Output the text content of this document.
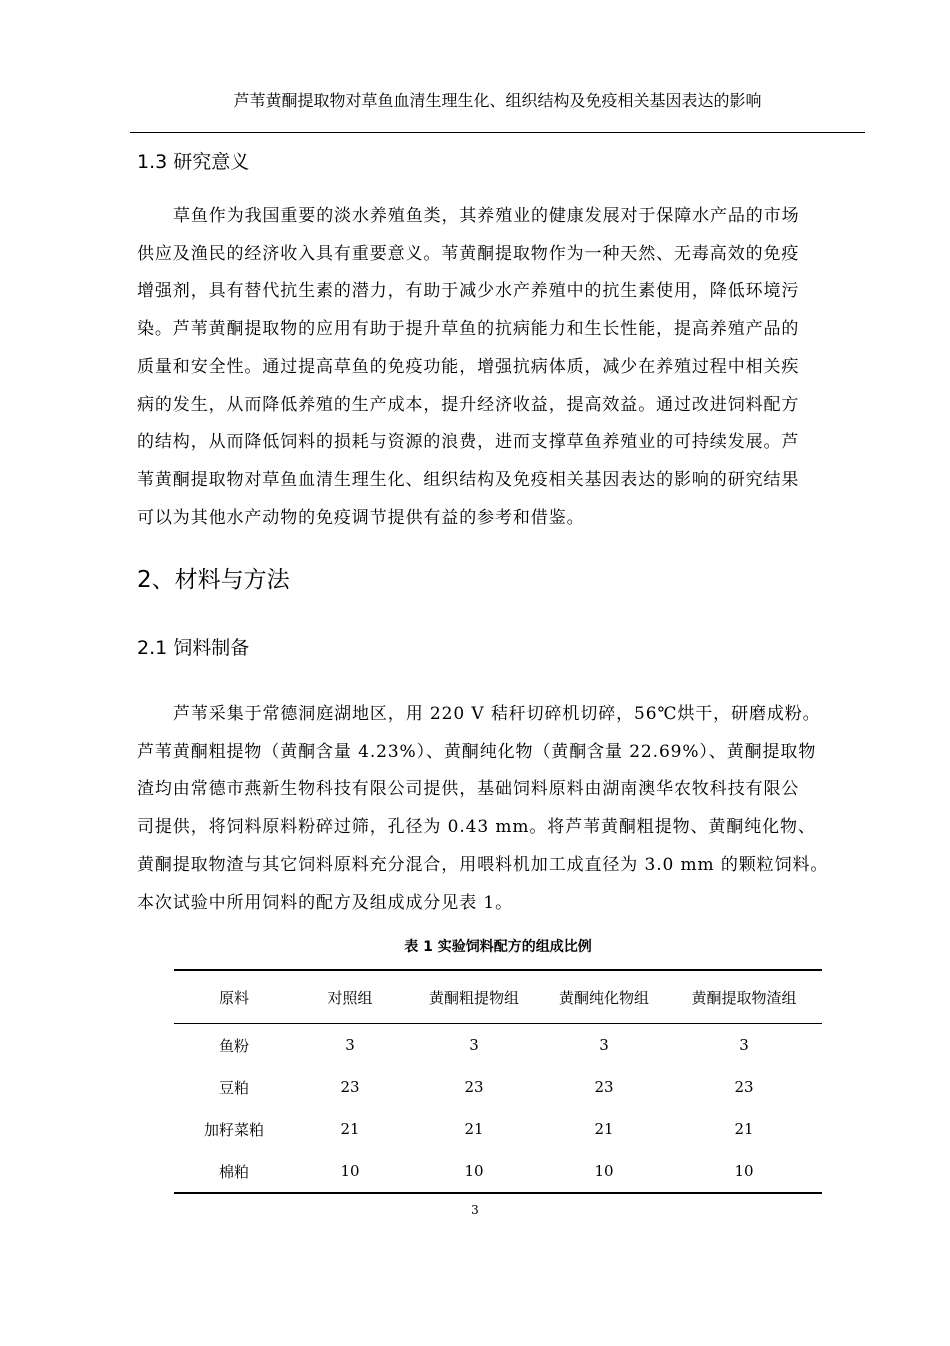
芦苇黄酮提取物对草鱼血清生理生化、组织结构及免疫相关基因表达的影响
1.3 研究意义
草鱼作为我国重要的淡水养殖鱼类，其养殖业的健康发展对于保障水产品的市场
供应及渔民的经济收入具有重要意义。苇黄酮提取物作为一种天然、无毒高效的免疫
增强剂，具有替代抗生素的潜力，有助于减少水产养殖中的抗生素使用，降低环境污
染。芦苇黄酮提取物的应用有助于提升草鱼的抗病能力和生长性能，提高养殖产品的
质量和安全性。通过提高草鱼的免疫功能，增强抗病体质，减少在养殖过程中相关疾
病的发生，从而降低养殖的生产成本，提升经济收益，提高效益。通过改进饲料配方
的结构，从而降低饲料的损耗与资源的浪费，进而支撑草鱼养殖业的可持续发展。芦
苇黄酮提取物对草鱼血清生理生化、组织结构及免疫相关基因表达的影响的研究结果
可以为其他水产动物的免疫调节提供有益的参考和借鉴。
2、材料与方法
2.1 饲料制备
芦苇采集于常德洞庭湖地区，用 220 V 秸秆切碎机切碎，56℃烘干，研磨成粉。
芦苇黄酮粗提物（黄酮含量 4.23%）、黄酮纯化物（黄酮含量 22.69%）、黄酮提取物
渣均由常德市燕新生物科技有限公司提供，基础饲料原料由湖南澳华农牧科技有限公
司提供，将饲料原料粉碎过筛，孔径为 0.43 mm。将芦苇黄酮粗提物、黄酮纯化物、
黄酮提取物渣与其它饲料原料充分混合，用喂料机加工成直径为 3.0 mm 的颗粒饲料。
本次试验中所用饲料的配方及组成成分见表 1。
表 1 实验饲料配方的组成比例
原料	对照组	黄酮粗提物组	黄酮纯化物组	黄酮提取物渣组
鱼粉	3	3	3	3
豆粕	23	23	23	23
加籽菜粕	21	21	21	21
棉粕	10	10	10	10
3
